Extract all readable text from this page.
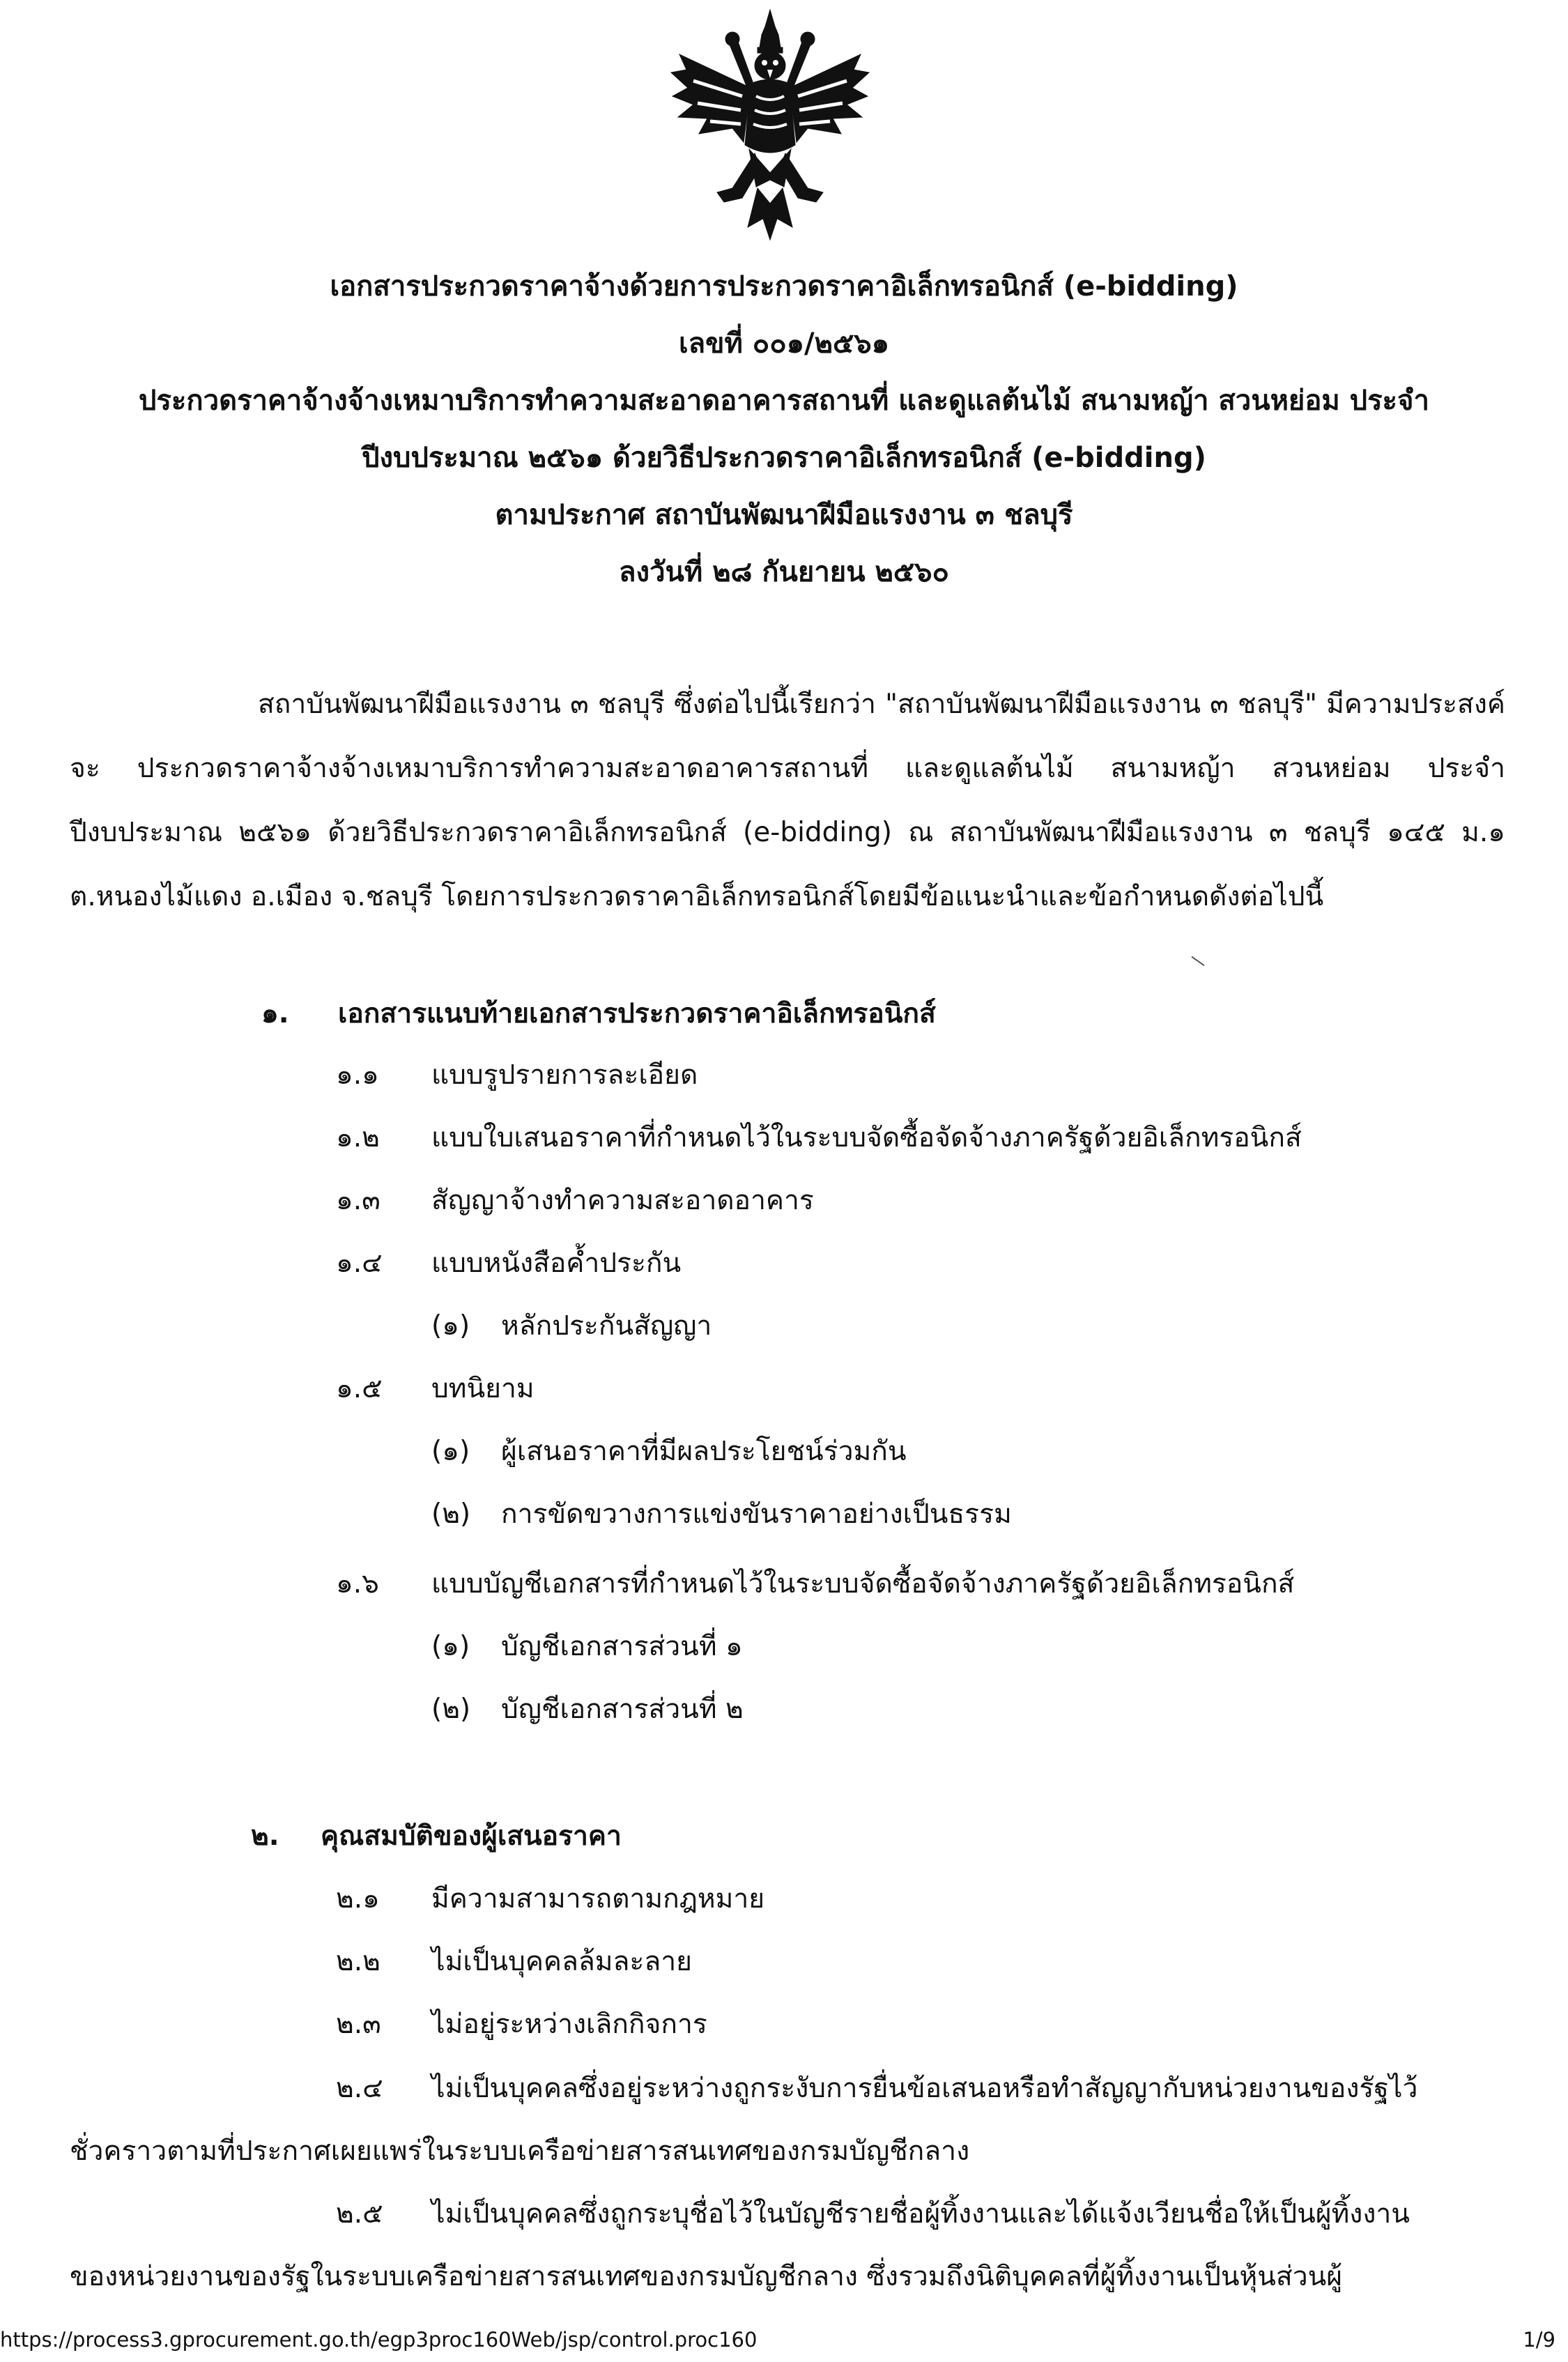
เอกสารประกวดราคาจ้างด้วยการประกวดราคาอิเล็กทรอนิกส์ (e-bidding)
เลขที่ ๐๐๑/๒๕๖๑
ประกวดราคาจ้างจ้างเหมาบริการทำความสะอาดอาคารสถานที่ และดูแลต้นไม้ สนามหญ้า สวนหย่อม ประจำ
ปีงบประมาณ ๒๕๖๑ ด้วยวิธีประกวดราคาอิเล็กทรอนิกส์ (e-bidding)
ตามประกาศ สถาบันพัฒนาฝีมือแรงงาน ๓ ชลบุรี
ลงวันที่ ๒๘ กันยายน ๒๕๖๐

สถาบันพัฒนาฝีมือแรงงาน ๓ ชลบุรี ซึ่งต่อไปนี้เรียกว่า "สถาบันพัฒนาฝีมือแรงงาน ๓ ชลบุรี" มีความประสงค์จะ ประกวดราคาจ้างจ้างเหมาบริการทำความสะอาดอาคารสถานที่ และดูแลต้นไม้ สนามหญ้า สวนหย่อม ประจำปีงบประมาณ ๒๕๖๑ ด้วยวิธีประกวดราคาอิเล็กทรอนิกส์ (e-bidding) ณ สถาบันพัฒนาฝีมือแรงงาน ๓ ชลบุรี ๑๔๕ ม.๑ ต.หนองไม้แดง อ.เมือง จ.ชลบุรี โดยการประกวดราคาอิเล็กทรอนิกส์โดยมีข้อแนะนำและข้อกำหนดดังต่อไปนี้

๑. เอกสารแนบท้ายเอกสารประกวดราคาอิเล็กทรอนิกส์
๑.๑ แบบรูปรายการละเอียด
๑.๒ แบบใบเสนอราคาที่กำหนดไว้ในระบบจัดซื้อจัดจ้างภาครัฐด้วยอิเล็กทรอนิกส์
๑.๓ สัญญาจ้างทำความสะอาดอาคาร
๑.๔ แบบหนังสือค้ำประกัน
(๑) หลักประกันสัญญา
๑.๕ บทนิยาม
(๑) ผู้เสนอราคาที่มีผลประโยชน์ร่วมกัน
(๒) การขัดขวางการแข่งขันราคาอย่างเป็นธรรม
๑.๖ แบบบัญชีเอกสารที่กำหนดไว้ในระบบจัดซื้อจัดจ้างภาครัฐด้วยอิเล็กทรอนิกส์
(๑) บัญชีเอกสารส่วนที่ ๑
(๒) บัญชีเอกสารส่วนที่ ๒
๒. คุณสมบัติของผู้เสนอราคา
๒.๑ มีความสามารถตามกฎหมาย
๒.๒ ไม่เป็นบุคคลล้มละลาย
๒.๓ ไม่อยู่ระหว่างเลิกกิจการ
๒.๔ ไม่เป็นบุคคลซึ่งอยู่ระหว่างถูกระงับการยื่นข้อเสนอหรือทำสัญญากับหน่วยงานของรัฐไว้
ชั่วคราวตามที่ประกาศเผยแพร่ในระบบเครือข่ายสารสนเทศของกรมบัญชีกลาง
๒.๕ ไม่เป็นบุคคลซึ่งถูกระบุชื่อไว้ในบัญชีรายชื่อผู้ทิ้งงานและได้แจ้งเวียนชื่อให้เป็นผู้ทิ้งงาน
ของหน่วยงานของรัฐในระบบเครือข่ายสารสนเทศของกรมบัญชีกลาง ซึ่งรวมถึงนิติบุคคลที่ผู้ทิ้งงานเป็นหุ้นส่วนผู้
https://process3.gprocurement.go.th/egp3proc160Web/jsp/control.proc160	1/9
